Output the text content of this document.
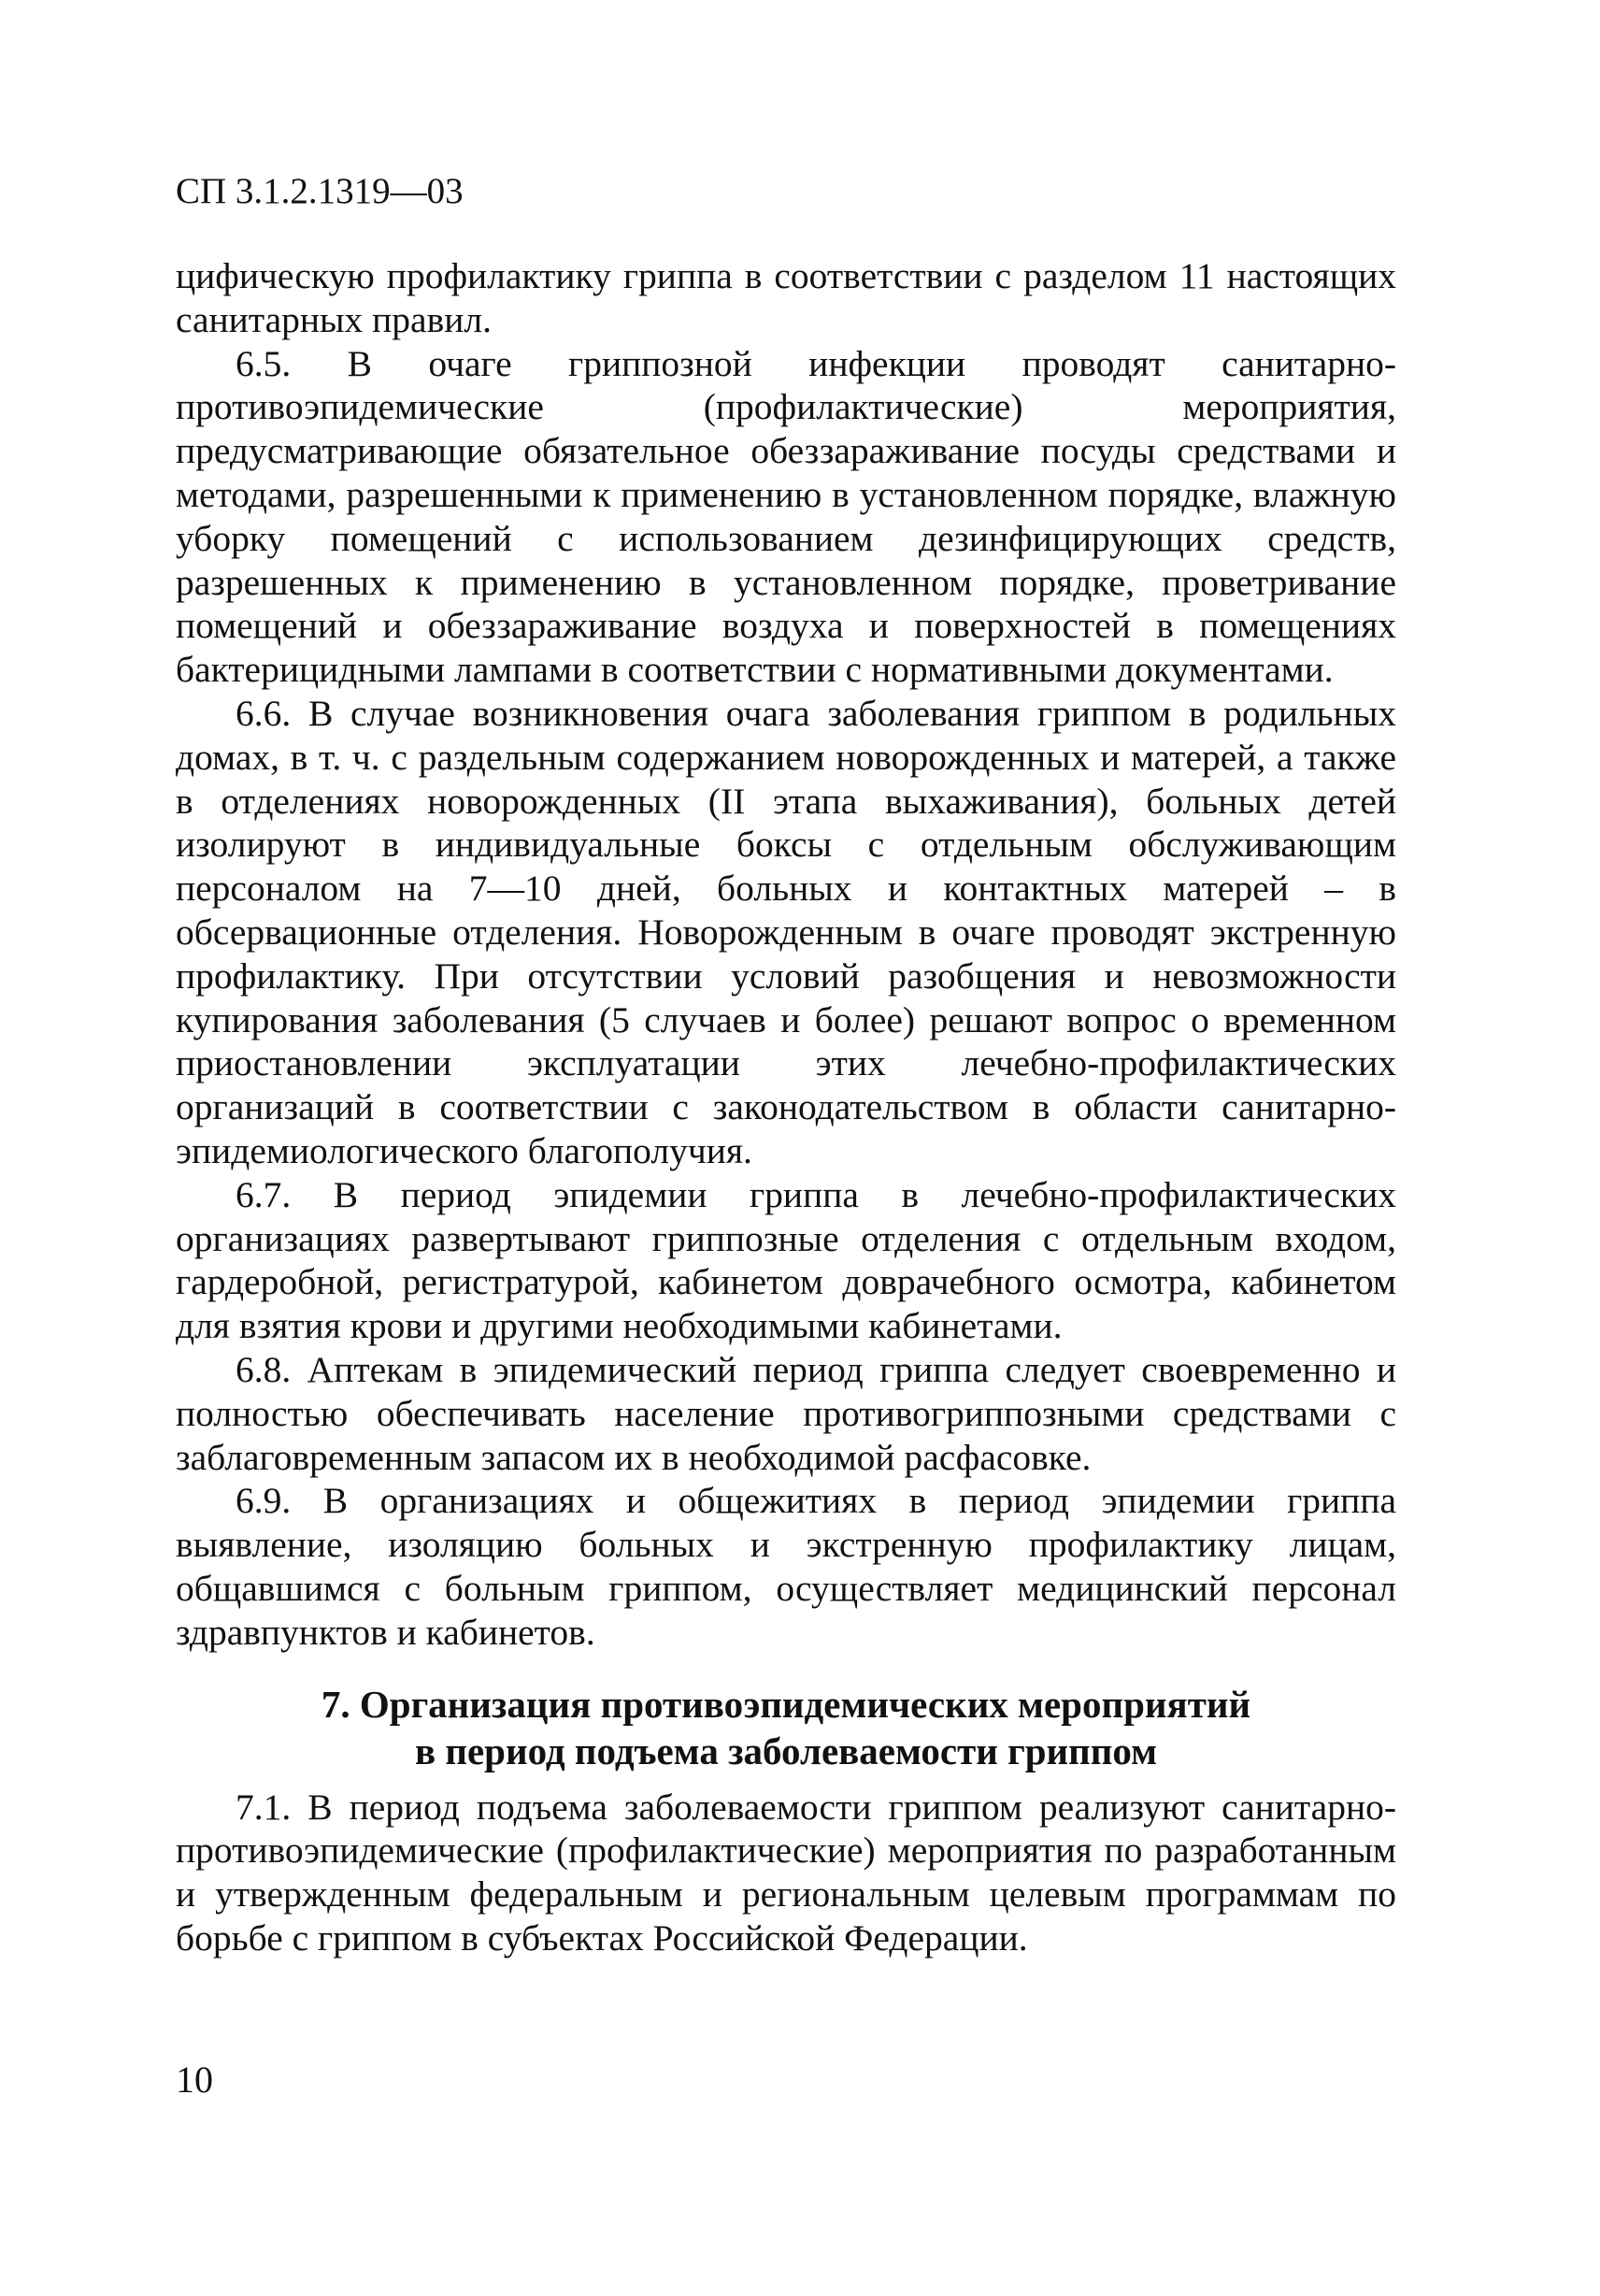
СП 3.1.2.1319—03

цифическую профилактику гриппа в соответствии с разделом 11 настоящих санитарных правил.

6.5. В очаге гриппозной инфекции проводят санитарно-противоэпидемические (профилактические) мероприятия, предусматривающие обязательное обеззараживание посуды средствами и методами, разрешенными к применению в установленном порядке, влажную уборку помещений с использованием дезинфицирующих средств, разрешенных к применению в установленном порядке, проветривание помещений и обеззараживание воздуха и поверхностей в помещениях бактерицидными лампами в соответствии с нормативными документами.

6.6. В случае возникновения очага заболевания гриппом в родильных домах, в т. ч. с раздельным содержанием новорожденных и матерей, а также в отделениях новорожденных (II этапа выхаживания), больных детей изолируют в индивидуальные боксы с отдельным обслуживающим персоналом на 7—10 дней, больных и контактных матерей – в обсервационные отделения. Новорожденным в очаге проводят экстренную профилактику. При отсутствии условий разобщения и невозможности купирования заболевания (5 случаев и более) решают вопрос о временном приостановлении эксплуатации этих лечебно-профилактических организаций в соответствии с законодательством в области санитарно-эпидемиологического благополучия.

6.7. В период эпидемии гриппа в лечебно-профилактических организациях развертывают гриппозные отделения с отдельным входом, гардеробной, регистратурой, кабинетом доврачебного осмотра, кабинетом для взятия крови и другими необходимыми кабинетами.

6.8. Аптекам в эпидемический период гриппа следует своевременно и полностью обеспечивать население противогриппозными средствами с заблаговременным запасом их в необходимой расфасовке.

6.9. В организациях и общежитиях в период эпидемии гриппа выявление, изоляцию больных и экстренную профилактику лицам, общавшимся с больным гриппом, осуществляет медицинский персонал здравпунктов и кабинетов.

7. Организация противоэпидемических мероприятий
в период подъема заболеваемости гриппом

7.1. В период подъема заболеваемости гриппом реализуют санитарно-противоэпидемические (профилактические) мероприятия по разработанным и утвержденным федеральным и региональным целевым программам по борьбе с гриппом в субъектах Российской Федерации.

10
